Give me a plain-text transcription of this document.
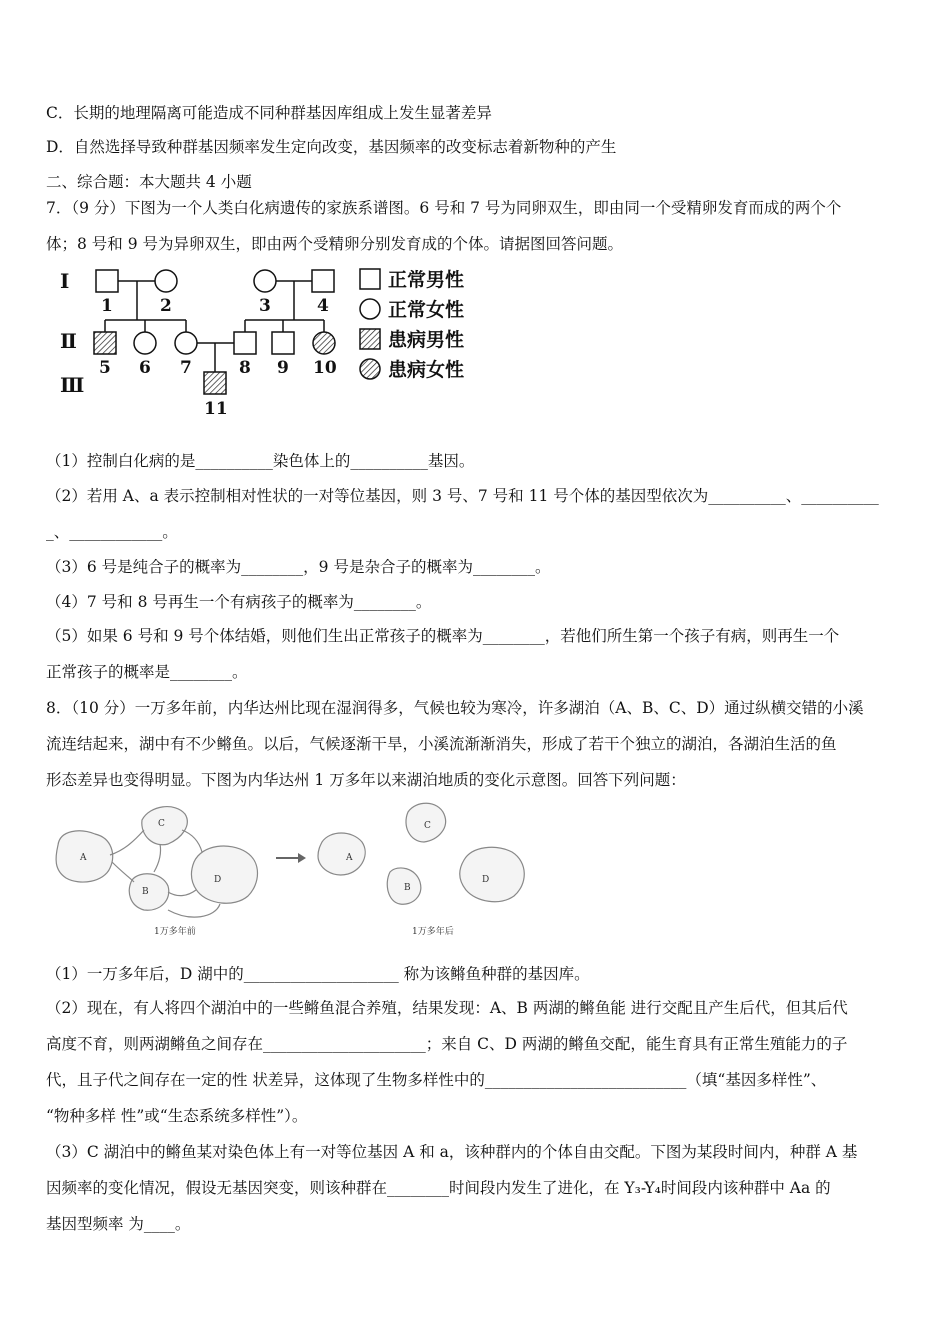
C．长期的地理隔离可能造成不同种群基因库组成上发生显著差异
D．自然选择导致种群基因频率发生定向改变，基因频率的改变标志着新物种的产生
二、综合题：本大题共 4 小题
7．（9 分）下图为一个人类白化病遗传的家族系谱图。6 号和 7 号为同卵双生，即由同一个受精卵发育而成的两个个
体；8 号和 9 号为异卵双生，即由两个受精卵分别发育成的个体。请据图回答问题。
Ⅰ
Ⅱ
Ⅲ
1	2	3	4
5 6 7	8 9 10
11
正常男性
正常女性
患病男性
患病女性
（1）控制白化病的是__________染色体上的__________基因。
（2）若用 A、a 表示控制相对性状的一对等位基因，则 3 号、7 号和 11 号个体的基因型依次为__________、__________
_、____________。
（3）6 号是纯合子的概率为________，9 号是杂合子的概率为________。
（4）7 号和 8 号再生一个有病孩子的概率为________。
（5）如果 6 号和 9 号个体结婚，则他们生出正常孩子的概率为________，若他们所生第一个孩子有病，则再生一个
正常孩子的概率是________。
8．（10 分）一万多年前，内华达州比现在湿润得多，气候也较为寒冷，许多湖泊（A、B、C、D）通过纵横交错的小溪
流连结起来，湖中有不少鳉鱼。以后，气候逐渐干旱，小溪流渐渐消失，形成了若干个独立的湖泊，各湖泊生活的鱼
形态差异也变得明显。下图为内华达州 1 万多年以来湖泊地质的变化示意图。回答下列问题：
A
B
C
D
A
B
C
D
1万多年前	1万多年后
（1）一万多年后，D 湖中的____________________ 称为该鳉鱼种群的基因库。
（2）现在，有人将四个湖泊中的一些鳉鱼混合养殖，结果发现：A、B 两湖的鳉鱼能 进行交配且产生后代，但其后代
高度不育，则两湖鳉鱼之间存在_____________________；来自 C、D 两湖的鳉鱼交配，能生育具有正常生殖能力的子
代，且子代之间存在一定的性 状差异，这体现了生物多样性中的__________________________（填“基因多样性”、
“物种多样 性”或“生态系统多样性”）。
（3）C 湖泊中的鳉鱼某对染色体上有一对等位基因 A 和 a，该种群内的个体自由交配。下图为某段时间内，种群 A 基
因频率的变化情况，假设无基因突变，则该种群在________时间段内发生了进化，在 Y₃-Y₄时间段内该种群中 Aa 的
基因型频率 为____。
